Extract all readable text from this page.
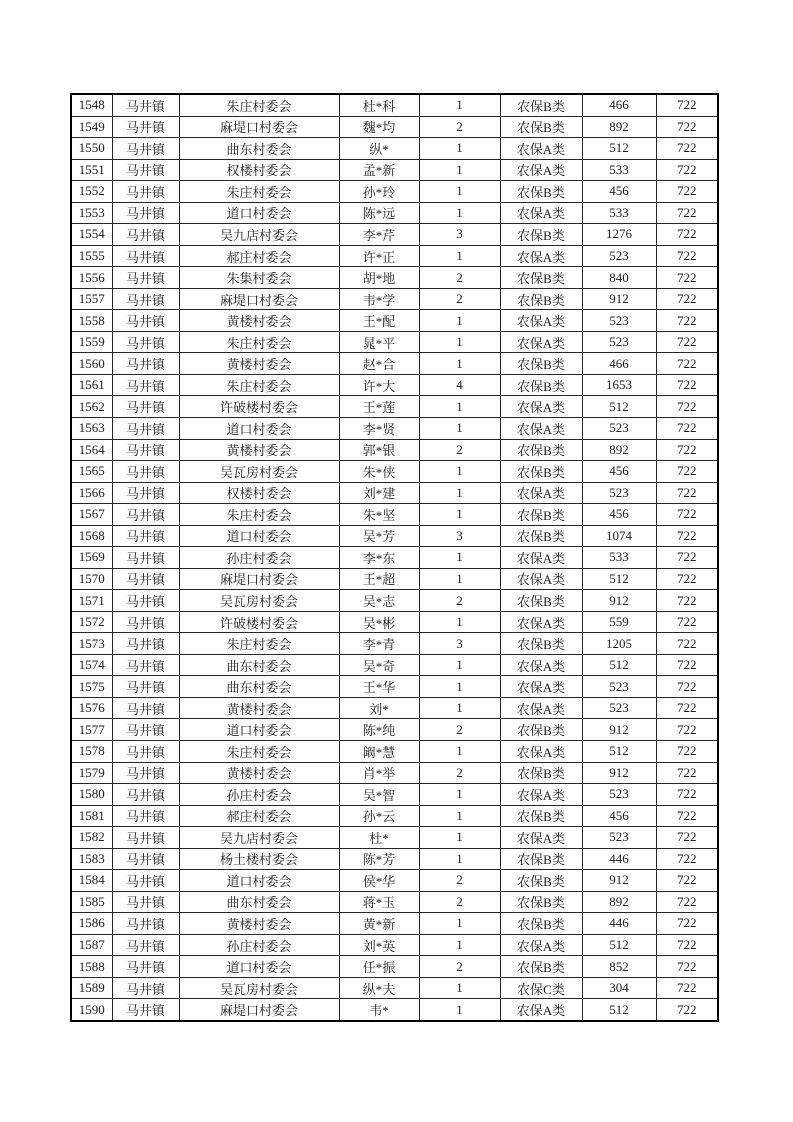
1548	马井镇	朱庄村委会	杜*科	1	农保B类	466	722
1549	马井镇	麻堤口村委会	魏*均	2	农保B类	892	722
1550	马井镇	曲东村委会	纵*	1	农保A类	512	722
1551	马井镇	权楼村委会	孟*新	1	农保A类	533	722
1552	马井镇	朱庄村委会	孙*玲	1	农保B类	456	722
1553	马井镇	道口村委会	陈*远	1	农保A类	533	722
1554	马井镇	吴九店村委会	李*芹	3	农保B类	1276	722
1555	马井镇	郝庄村委会	许*正	1	农保A类	523	722
1556	马井镇	朱集村委会	胡*地	2	农保B类	840	722
1557	马井镇	麻堤口村委会	韦*学	2	农保B类	912	722
1558	马井镇	黄楼村委会	王*配	1	农保A类	523	722
1559	马井镇	朱庄村委会	晁*平	1	农保A类	523	722
1560	马井镇	黄楼村委会	赵*合	1	农保B类	466	722
1561	马井镇	朱庄村委会	许*大	4	农保B类	1653	722
1562	马井镇	许破楼村委会	王*莲	1	农保A类	512	722
1563	马井镇	道口村委会	李*贤	1	农保A类	523	722
1564	马井镇	黄楼村委会	郭*银	2	农保B类	892	722
1565	马井镇	吴瓦房村委会	朱*侠	1	农保B类	456	722
1566	马井镇	权楼村委会	刘*建	1	农保A类	523	722
1567	马井镇	朱庄村委会	朱*坚	1	农保B类	456	722
1568	马井镇	道口村委会	吴*芳	3	农保B类	1074	722
1569	马井镇	孙庄村委会	李*东	1	农保A类	533	722
1570	马井镇	麻堤口村委会	王*超	1	农保A类	512	722
1571	马井镇	吴瓦房村委会	吴*志	2	农保B类	912	722
1572	马井镇	许破楼村委会	吴*彬	1	农保A类	559	722
1573	马井镇	朱庄村委会	李*青	3	农保B类	1205	722
1574	马井镇	曲东村委会	吴*奇	1	农保A类	512	722
1575	马井镇	曲东村委会	王*华	1	农保A类	523	722
1576	马井镇	黄楼村委会	刘*	1	农保A类	523	722
1577	马井镇	道口村委会	陈*纯	2	农保B类	912	722
1578	马井镇	朱庄村委会	阚*慧	1	农保A类	512	722
1579	马井镇	黄楼村委会	肖*举	2	农保B类	912	722
1580	马井镇	孙庄村委会	吴*智	1	农保A类	523	722
1581	马井镇	郝庄村委会	孙*云	1	农保B类	456	722
1582	马井镇	吴九店村委会	杜*	1	农保A类	523	722
1583	马井镇	杨土楼村委会	陈*芳	1	农保B类	446	722
1584	马井镇	道口村委会	侯*华	2	农保B类	912	722
1585	马井镇	曲东村委会	蒋*玉	2	农保B类	892	722
1586	马井镇	黄楼村委会	黄*新	1	农保B类	446	722
1587	马井镇	孙庄村委会	刘*英	1	农保A类	512	722
1588	马井镇	道口村委会	任*振	2	农保B类	852	722
1589	马井镇	吴瓦房村委会	纵*夫	1	农保C类	304	722
1590	马井镇	麻堤口村委会	韦*	1	农保A类	512	722
